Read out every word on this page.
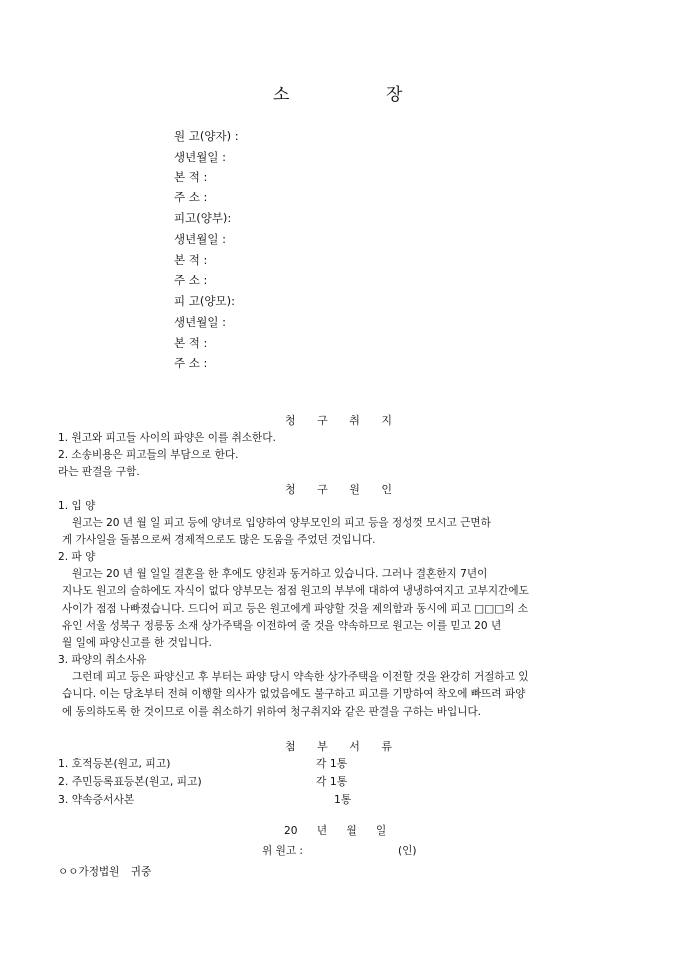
소	장
원 고(양자) :
생년월일 :
본 적 :
주 소 :
피고(양부):
생년월일 :
본 적 :
주 소 :
피 고(양모):
생년월일 :
본 적 :
주 소 :
청 구 취 지
1. 원고와 피고들 사이의 파양은 이를 취소한다.
2. 소송비용은 피고들의 부담으로 한다.
라는 판결을 구함.
청 구 원 인
1. 입 양

원고는 20 년 월 일 피고 등에 양녀로 입양하여 양부모인의 피고 등을 정성껏 모시고 근면하

게 가사일을 돌봄으로써 경제적으로도 많은 도움을 주었던 것입니다.

2. 파 양

원고는 20 년 월 일일 결혼을 한 후에도 양친과 동거하고 있습니다. 그러나 결혼한지 7년이

지나도 원고의 슬하에도 자식이 없다 양부모는 점점 원고의 부부에 대하여 냉냉하여지고 고부지간에도

사이가 점점 나빠졌습니다. 드디어 피고 등은 원고에게 파양할 것을 제의함과 동시에 피고 □□□의 소

유인 서울 성북구 정릉동 소재 상가주택을 이전하여 줄 것을 약속하므로 원고는 이를 믿고 20 년

월 일에 파양신고를 한 것입니다.

3. 파양의 취소사유

그런데 피고 등은 파양신고 후 부터는 파양 당시 약속한 상가주택을 이전할 것을 완강히 거절하고 있

습니다. 이는 당초부터 전혀 이행할 의사가 없었음에도 불구하고 피고를 기망하여 착오에 빠뜨려 파양

에 동의하도록 한 것이므로 이를 취소하기 위하여 청구취지와 같은 판결을 구하는 바입니다.

첨 부 서 류
1. 호적등본(원고, 피고)	각 1통
2. 주민등록표등본(원고, 피고)	각 1통
3. 약속증서사본	1통
20 년 월 일
위 원고 :	(인)
ㅇㅇ가정법원 귀중
